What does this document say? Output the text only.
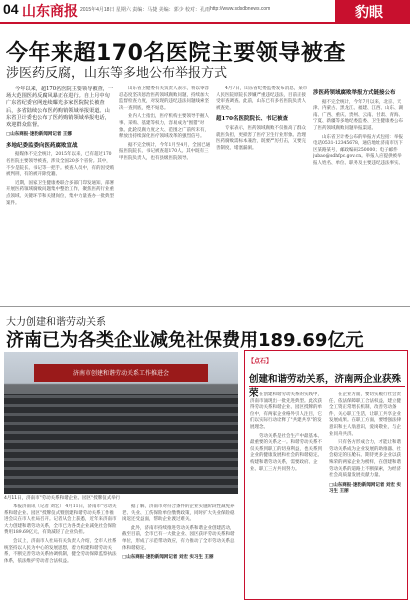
04 山东商报 2015年4月18日 星期六 责编：马捷 美编：郭少 校对：孔雨 http://www.sdsdbnews.com	豹眼
今年来超170名医院主要领导被查
涉医药反腐，山东等多地公布举报方式

今年以来，超170名医院主要领导被查，一场大范围医药反腐风暴正在进行。自上月中旬广东省纪委官网连续曝光多家医院院长被查后，多省陆续公布医药购销领域举报渠道。山东省卫计委也公布了医药购销领域举报电话，欢迎群众监督。

□山东商报·速豹新闻网记者 王娜
多地纪委监委向医药腐败宣战

据媒体不完全统计，2015年以来，已有超过170名医院主要领导被查，涉及全国20多个省份。其中，不少是院长、书记等一把手。被查人员中，有的因受贿被判刑，有的被开除党籍。

近期，国家卫生健康委联合多部门印发通知，部署开展医药领域腐败问题集中整治工作，聚焦医药行业重点领域、关键环节和关键岗位，集中力量查办一批典型案件。

山东省卫健委有关负责人表示，将以零容忍态度坚决惩治医药领域腐败问题，持续加大监督检查力度，对发现的违纪违法问题线索坚决一查到底，绝不姑息。

业内人士指出，医疗机构主要领导手握人事、采购、基建等权力，容易成为"围猎"对象。此轮反腐力度之大、范围之广前所未有，释放出持续深化医疗领域改革的强烈信号。

据不完全统计，今年1月至4月，全国已通报医院院长、书记被查超170人。其中既有三甲医院负责人，也有县级医院领导。

4月7日，山东省纪委监委发布消息，某市人民医院原院长涉嫌严重违纪违法，目前正接受审查调查。此前，山东已有多名医院负责人被查处。

超170名医院院长、书记被查

专家表示，医药领域腐败不仅推高了群众就医负担，更损害了医疗卫生行业形象。治理医药腐败需标本兼治，既要严厉打击，又要完善制度、堵塞漏洞。

涉医药领域腐败举报方式链接公布

据不完全统计，今年7月以来，北京、天津、内蒙古、黑龙江、福建、江西、山东、湖南、广西、重庆、贵州、云南、甘肃、青海、宁夏、新疆等多地纪委监委、卫生健康委公布了医药领域腐败问题举报渠道。

山东省卫计委公布的举报方式包括：举报电话0531-12345678，通信地址济南市历下区某路某号，邮政编码250000；电子邮件jubao@sdhfpc.gov.cn。举报人应提供被举报人姓名、单位、职务及主要违纪违法事实。

大力创建和谐劳动关系
济南已为各类企业减免社保费用189.69亿元
济南市创建和谐劳动关系工作推进会
4月11日，济南市"劳动关系和谐企业、园区"授牌仪式举行

本报济南讯（记者 刘宏） 4月11日，济南市"劳动关系和谐企业、园区"授牌仪式暨创建和谐劳动关系工作推进会议在市人社局召开。记者从会上获悉，近年来济南市大力创建和谐劳动关系，全市已为各类企业减免社会保险费用189.69亿元，有效减轻了企业负担。

会议上，济南市人社局有关负责人介绍，全市人社系统坚持以人民为中心的发展思想，着力构建和谐劳动关系，不断完善劳动关系协调机制，健全劳动保障监察执法体系，依法维护劳动者合法权益。

据了解，济南市对符合条件的企业实施阶段性减免养老、失业、工伤保险单位缴费政策，同时扩大失业保险稳岗返还受益面，帮助企业渡过难关。

此外，济南市持续推进劳动关系和谐企业创建活动，截至目前，全市已有一大批企业、园区获评劳动关系和谐单位，形成了示范带动效应，有力推动了全市劳动关系总体和谐稳定。

□山东商报·速豹新闻网记者 刘宏 实习生 王丽
【点石】
创建和谐劳动关系，济南两企业获殊荣 在创建和谐劳动关系的实践中，济南市涌现出一批先进典型。此次获得劳动关系和谐企业、园区授牌的单位中，有两家企业格外引人注目，它们以实际行动诠释了"共建共享"的发展理念。

劳动关系是社会生产中最基本、最重要的关系之一。和谐劳动关系不仅关系到职工的切身利益，也关系到企业的健康发展和社会的和谐稳定。构建和谐劳动关系，需要政府、企业、职工三方共同努力。

在企业方面，要切实履行社会责任，依法保障职工合法权益，建立健全工资正常增长机制，改善劳动条件，关心职工生活，让职工共享企业发展成果。在职工方面，要增强法律意识和主人翁意识，爱岗敬业，与企业同舟共济。

只有各方形成合力，才能让和谐劳动关系成为企业发展的助推器、社会稳定的压舱石。期待更多企业以获殊荣的两家企业为榜样，在创建和谐劳动关系的道路上不断探索，为经济社会高质量发展贡献力量。

□山东商报·速豹新闻网记者 刘宏 实习生 王丽
